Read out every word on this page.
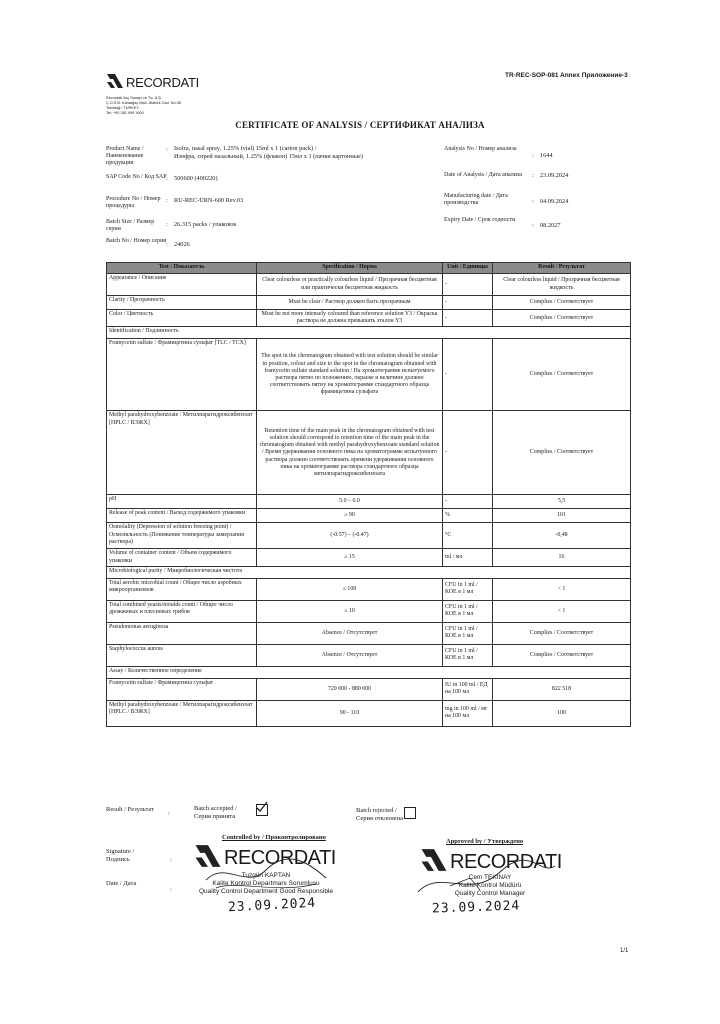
TR-REC-SOP-081 Annex Приложение-3
RECORDATI
Recordati İlaç Sanayi ve Tic. A.Ş.
Ç.O.S.B. Karaağaç Mah. Atatürk Cad. No:36
Tekirdağ / TURKEY
Tel: +90 282 999 1600
CERTIFICATE OF ANALYSIS / СЕРТИФИКАТ АНАЛИЗА
Product Name / Наименование продукции
: Isofra, nasal spray, 1.25% (vial) 15ml x 1 (carton pack) /
Изофра, спрей назальный, 1.25% (флакон) 15мл x 1 (пачки картонные)
SAP Code No / Код SAP : 500600 (400220)
Procedure No / Номер процедуры
: RU-REC-ÜRN-600 Rev.03
Batch Size / Размер серии
: 26.315 packs / упаковок
Batch No / Номер серии : 24026
Analysis No / Номер анализа
: 1644
Date of Analysis / Дата анализа	: 23.09.2024
Manufacturing date / Дата производства	: 04.09.2024
Expiry Date / Срок годности
: 08.2027
Test / Показатель	Specification / Норма	Unit / Единицы	Result / Результат
Appearance / Описание	Clear colourless or practically colourless liquid / Прозрачная бесцветная или практически бесцветная жидкость	-	Clear colourless liquid / Прозрачная бесцветная жидкость
Clarity / Прозрачность	Must be clear / Раствор должен быть прозрачным	-	Complies / Соответствует
Color / Цветность	Must be not more intensely coloured than reference solution Y3 / Окраска раствора не должна превышать эталон Y3	-	Complies / Соответствует
Identification / Подлинность			
Framycetin sulfate / Фрамицетина сульфат [TLC / TCX]	The spot in the chromatogram obtained with test solution should be similar in position, colour and size to the spot in the chromatogram obtained with framycetin sulfate standard solution / На хроматограмме испытуемого раствора пятно по положению, окраске и величине должно соответствовать пятну на хроматограмме стандартного образца фрамицетина сульфата	-	Complies / Соответствует
Methyl parahydroxybenzoate / Метилпарагидроксибензоат [HPLC / ВЭЖХ]	Retention time of the main peak in the chromatogram obtained with test solution should correspond to retention time of the main peak in the chromatogram obtained with methyl parahydroxybenzoate standard solution / Время удерживания основного пика на хроматограмме испытуемого раствора должно соответствовать времени удерживания основного пика на хроматограмме раствора стандартного образца метилпарагидроксибензоата	-	Complies / Соответствует
pH	5.0 – 6.0	-	5,5
Release of peak content / Выход содержимого упаковки	≥ 90	%	101
Osmolality (Depression of solution freezing point) / Осмоляльность (Понижение температуры замерзания раствора)	(-0.57) – (-0.47)	°C	-0,48
Volume of container content / Объем содержимого упаковки	≥ 15	ml / мл	16
Microbiological purity / Микробиологическая чистота			
Total aerobic microbial count / Общее число аэробных микроорганизмов	≤ 100	CFU in 1 ml / КОЕ в 1 мл	< 1
Total combined yeasts/moulds count / Общее число дрожжевых и плесневых грибов	≤ 10	CFU in 1 ml / КОЕ в 1 мл	< 1
Pseudomonas aeruginosa	Absence / Отсутствует	CFU in 1 ml / КОЕ в 1 мл	Complies / Соответствует
Staphylococcus aureus	Absence / Отсутствует	CFU in 1 ml / КОЕ в 1 мл	Complies / Соответствует
Assay / Количественное определение			
Framycetin sulfate / Фрамицетина сульфат	720 000 - 880 000	IU in 100 ml / ЕД на 100 мл	822 518
Methyl parahydroxybenzoate / Метилпарагидроксибензоат [HPLC / ВЭЖХ]	90 - 110	mg in 100 ml / мг на 100 мл	100
Result / Результат
:
Batch accepted / Серия принята
Batch rejected / Серия отклонена
Controlled by / Проконтролировано
Approved by / Утверждено
Signature / Подпись	:
Date / Дата
:
RECORDATI
Tuzgün KAPTAN
Kalite Kontrol Departmanı Sorumlusu
Quality Control Department Good Responsible
23.09.2024
RECORDATI
Cem TEKİNAY
Kalite Kontrol Müdürü
Quality Control Manager
23.09.2024
1/1
